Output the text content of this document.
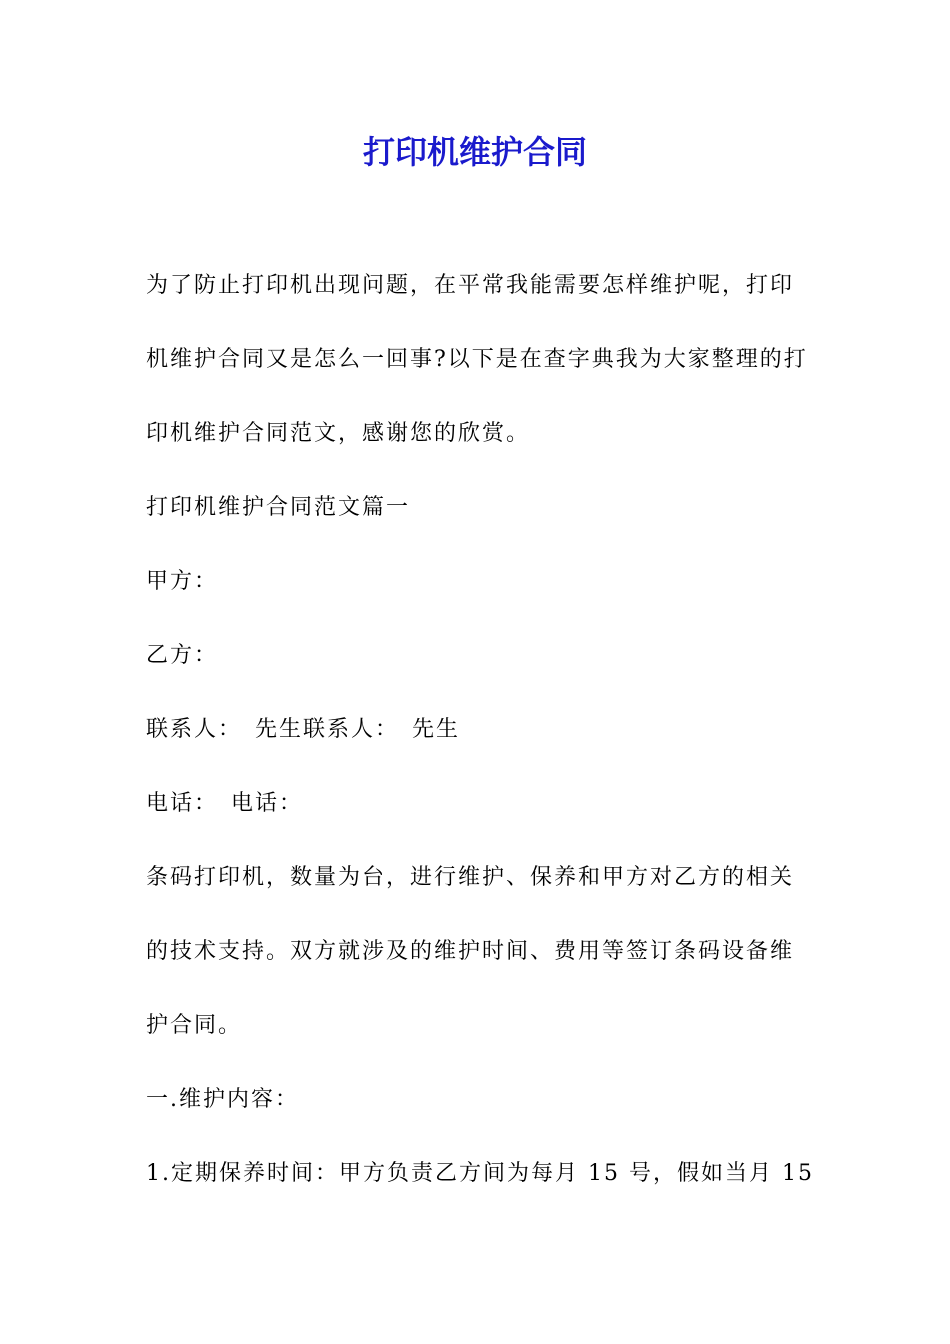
打印机维护合同
为了防止打印机出现问题，在平常我能需要怎样维护呢，打印
机维护合同又是怎么一回事?以下是在查字典我为大家整理的打
印机维护合同范文，感谢您的欣赏。
打印机维护合同范文篇一
甲方：
乙方：
联系人：　先生联系人：　先生
电话：　电话：
条码打印机，数量为台，进行维护、保养和甲方对乙方的相关
的技术支持。双方就涉及的维护时间、费用等签订条码设备维
护合同。
一.维护内容：
1.定期保养时间：甲方负责乙方间为每月 15 号，假如当月 15
